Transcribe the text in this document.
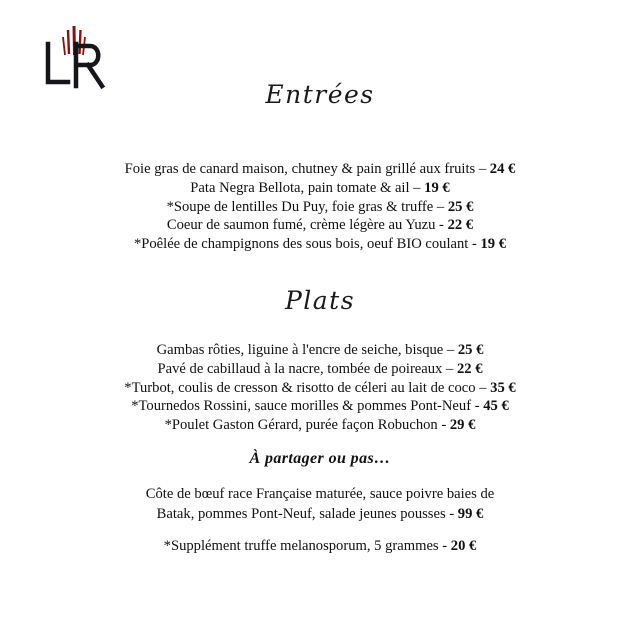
Entrées
Foie gras de canard maison, chutney & pain grillé aux fruits – 24 €
Pata Negra Bellota, pain tomate & ail – 19 €
*Soupe de lentilles Du Puy, foie gras & truffe – 25 €
Coeur de saumon fumé, crème légère au Yuzu - 22 €
*Poêlée de champignons des sous bois, oeuf BIO coulant - 19 €
Plats
Gambas rôties, liguine à l'encre de seiche, bisque – 25 €
Pavé de cabillaud à la nacre, tombée de poireaux – 22 €
*Turbot, coulis de cresson & risotto de céleri au lait de coco – 35 €
*Tournedos Rossini, sauce morilles & pommes Pont-Neuf - 45 €
*Poulet Gaston Gérard, purée façon Robuchon - 29 €
À partager ou pas…
Côte de bœuf race Française maturée, sauce poivre baies de
Batak, pommes Pont-Neuf, salade jeunes pousses - 99 €
*Supplément truffe melanosporum, 5 grammes - 20 €
